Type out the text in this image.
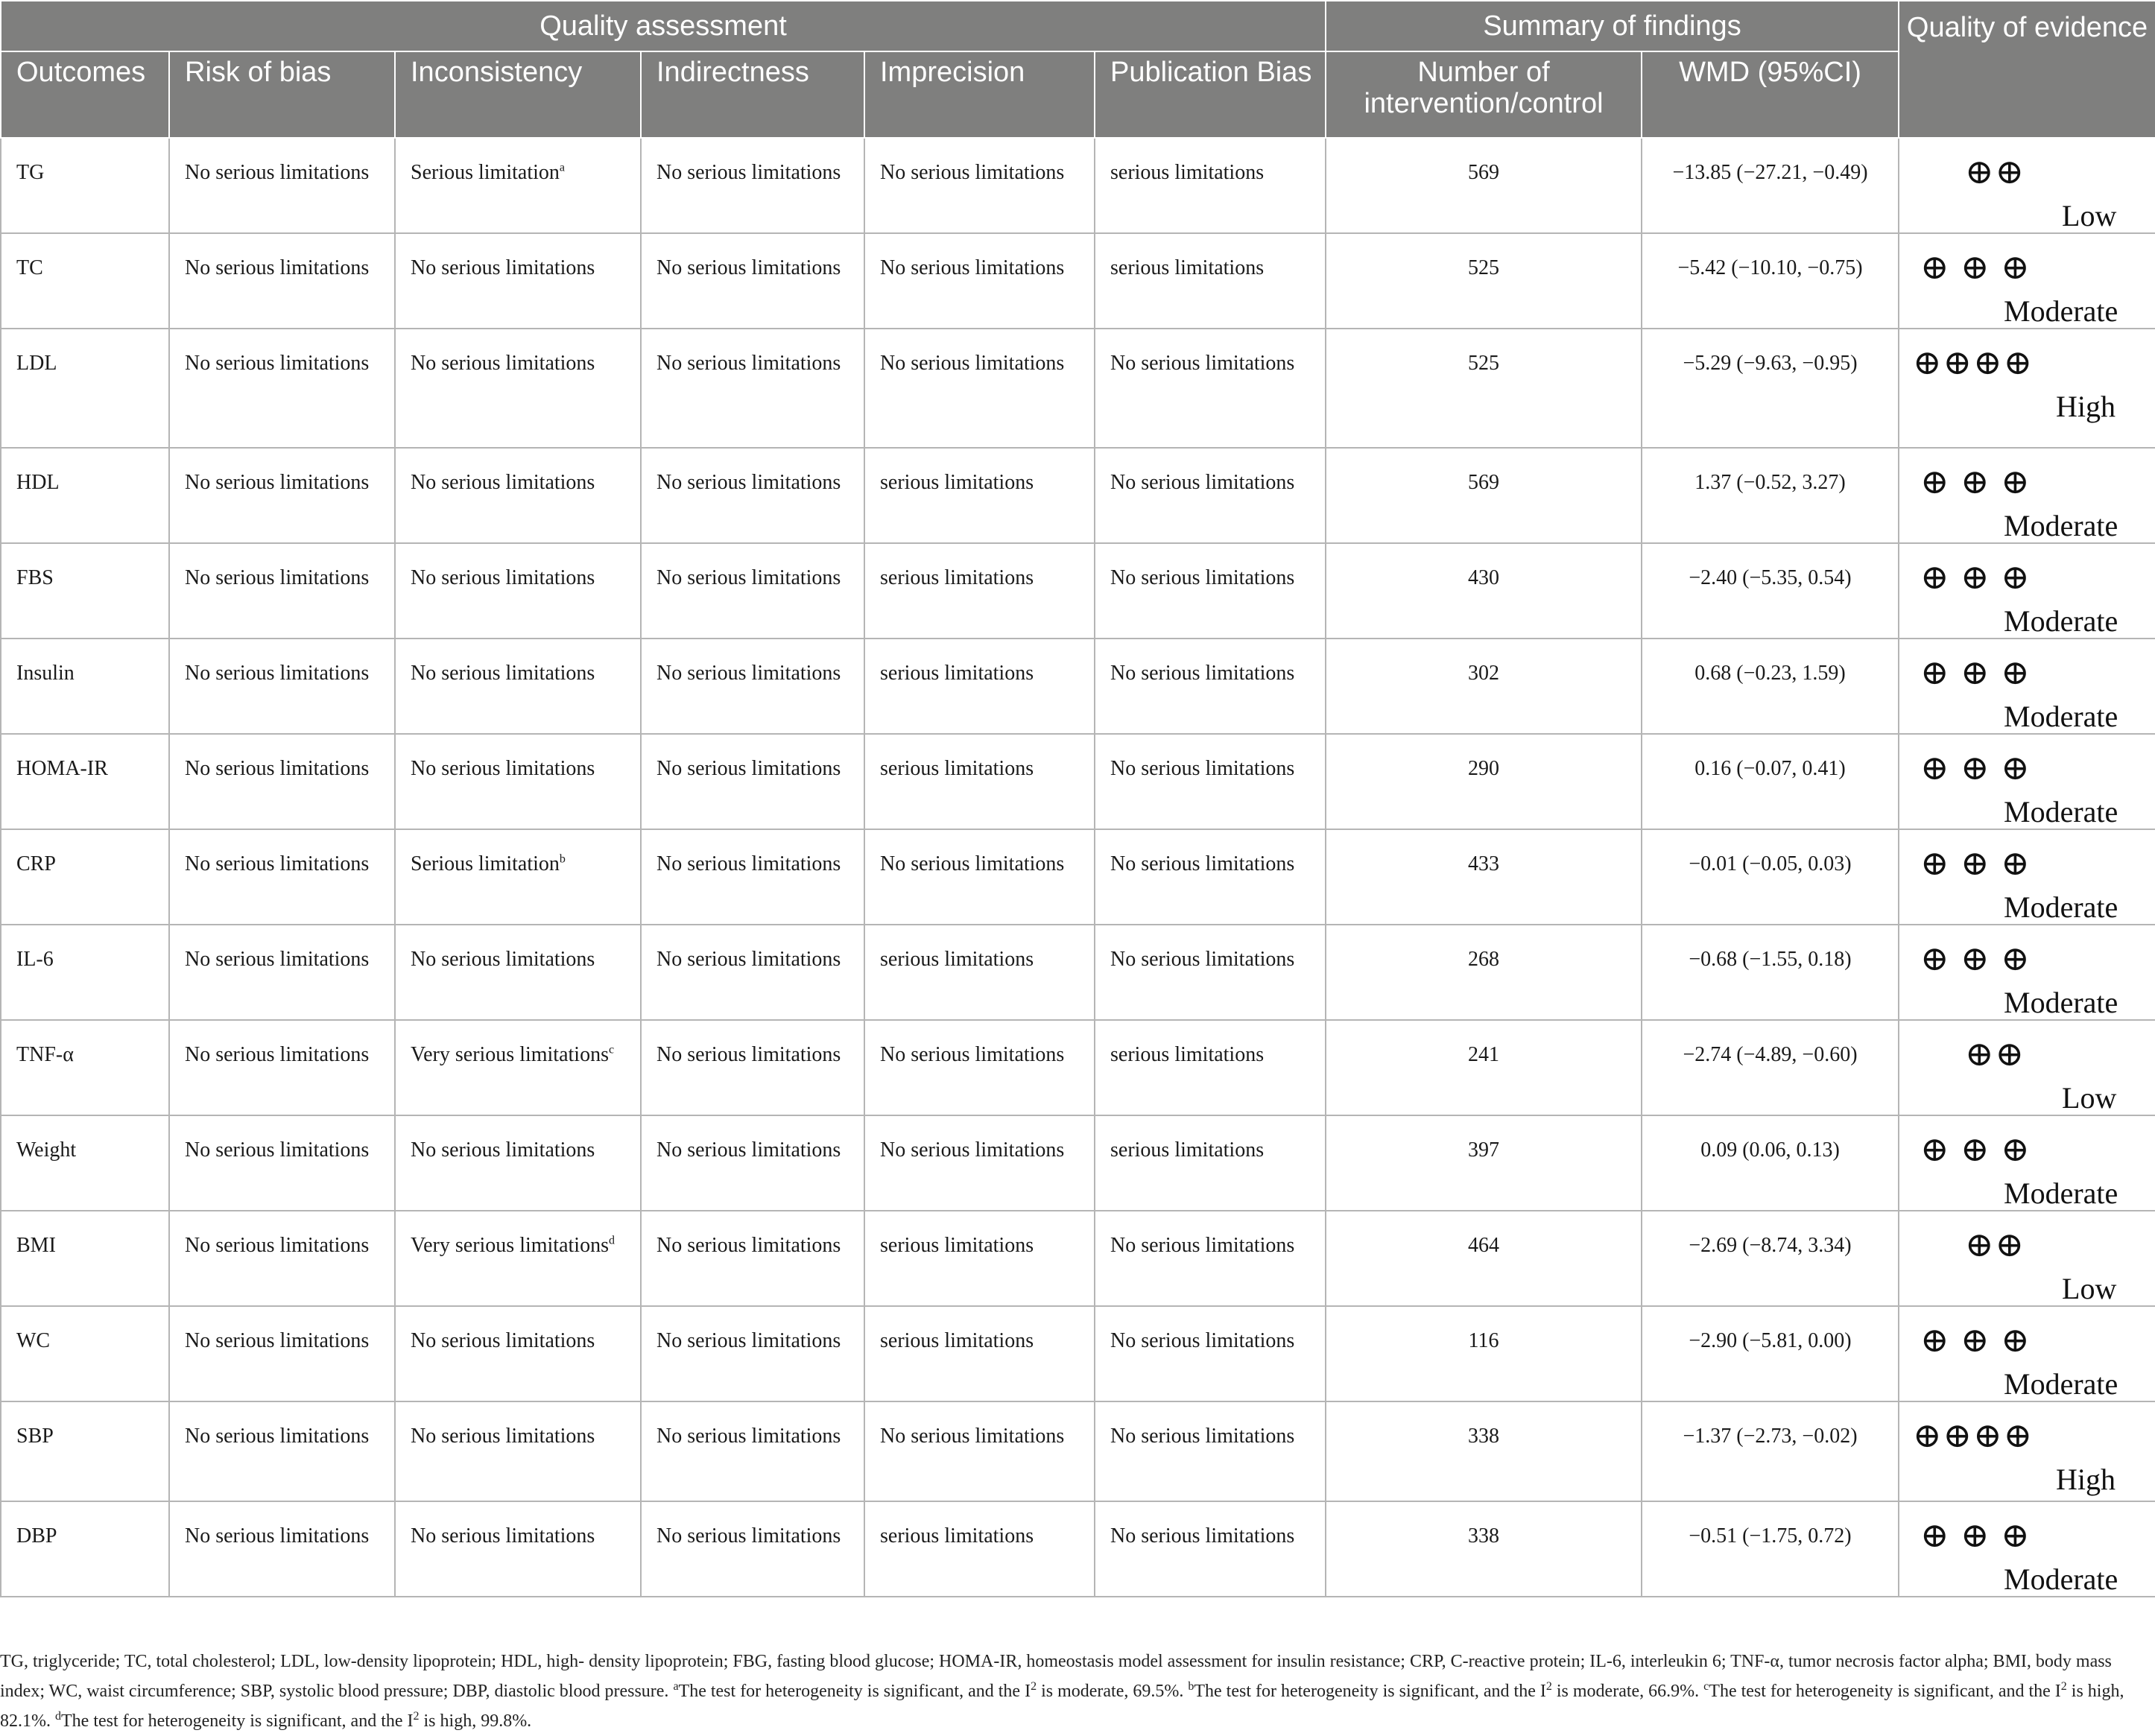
Quality assessment						Summary of findings		Quality of evidence
Outcomes	Risk of bias	Inconsistency	Indirectness	Imprecision	Publication Bias	Number of intervention/control	WMD (95%CI)	
TG	No serious limitations	Serious limitation$^a$	No serious limitations	No serious limitations	serious limitations	569	−13.85 (−27.21, −0.49)	⊕⊕
Low

TC	No serious limitations	No serious limitations	No serious limitations	No serious limitations	serious limitations	525	−5.42 (−10.10, −0.75)	⊕ ⊕ ⊕
Moderate

LDL	No serious limitations	No serious limitations	No serious limitations	No serious limitations	No serious limitations	525	−5.29 (−9.63, −0.95)	⊕⊕⊕⊕
High

HDL	No serious limitations	No serious limitations	No serious limitations	serious limitations	No serious limitations	569	1.37 (−0.52, 3.27)	⊕ ⊕ ⊕
Moderate

FBS	No serious limitations	No serious limitations	No serious limitations	serious limitations	No serious limitations	430	−2.40 (−5.35, 0.54)	⊕ ⊕ ⊕
Moderate

Insulin	No serious limitations	No serious limitations	No serious limitations	serious limitations	No serious limitations	302	0.68 (−0.23, 1.59)	⊕ ⊕ ⊕
Moderate

HOMA-IR	No serious limitations	No serious limitations	No serious limitations	serious limitations	No serious limitations	290	0.16 (−0.07, 0.41)	⊕ ⊕ ⊕
Moderate

CRP	No serious limitations	Serious limitation$^b$	No serious limitations	No serious limitations	No serious limitations	433	−0.01 (−0.05, 0.03)	⊕ ⊕ ⊕
Moderate

IL-6	No serious limitations	No serious limitations	No serious limitations	serious limitations	No serious limitations	268	−0.68 (−1.55, 0.18)	⊕ ⊕ ⊕
Moderate

TNF-α	No serious limitations	Very serious limitations$^c$	No serious limitations	No serious limitations	serious limitations	241	−2.74 (−4.89, −0.60)	⊕⊕
Low

Weight	No serious limitations	No serious limitations	No serious limitations	No serious limitations	serious limitations	397	0.09 (0.06, 0.13)	⊕ ⊕ ⊕
Moderate

BMI	No serious limitations	Very serious limitations$^d$	No serious limitations	serious limitations	No serious limitations	464	−2.69 (−8.74, 3.34)	⊕⊕
Low

WC	No serious limitations	No serious limitations	No serious limitations	serious limitations	No serious limitations	116	−2.90 (−5.81, 0.00)	⊕ ⊕ ⊕
Moderate

SBP	No serious limitations	No serious limitations	No serious limitations	No serious limitations	No serious limitations	338	−1.37 (−2.73, −0.02)	⊕⊕⊕⊕
High

DBP	No serious limitations	No serious limitations	No serious limitations	serious limitations	No serious limitations	338	−0.51 (−1.75, 0.72)	⊕ ⊕ ⊕
Moderate

TG, triglyceride; TC, total cholesterol; LDL, low-density lipoprotein; HDL, high- density lipoprotein; FBG, fasting blood glucose; HOMA-IR, homeostasis model assessment for insulin resistance; CRP, C-reactive protein; IL-6, interleukin 6; TNF-α, tumor necrosis factor alpha; BMI, body mass index; WC, waist circumference; SBP, systolic blood pressure; DBP, diastolic blood pressure. $^a$The test for heterogeneity is significant, and the $I^2$ is moderate, 69.5%. $^b$The test for heterogeneity is significant, and the $I^2$ is moderate, 66.9%. $^c$The test for heterogeneity is significant, and the $I^2$ is high, 82.1%. $^d$The test for heterogeneity is significant, and the $I^2$ is high, 99.8%.
